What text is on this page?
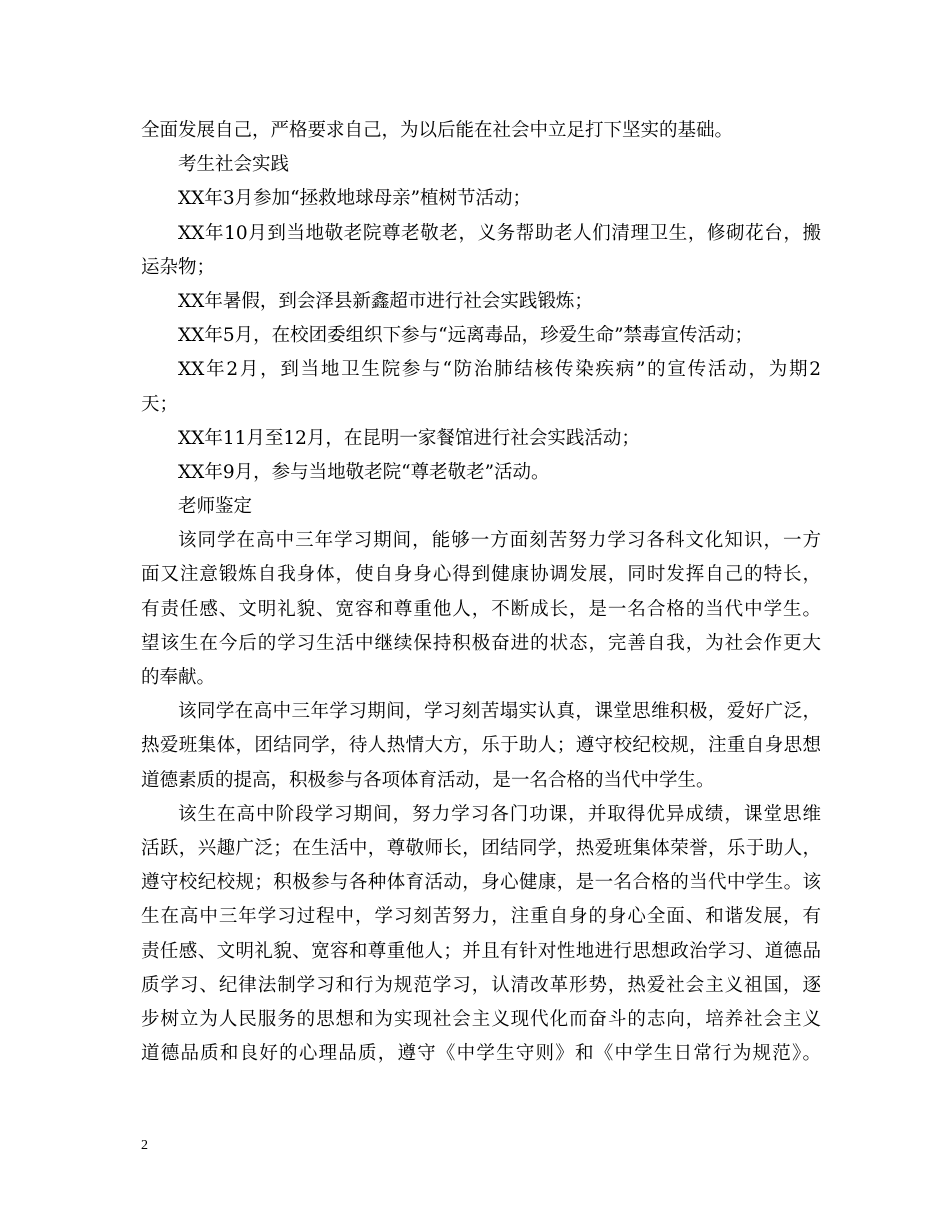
全面发展自己，严格要求自己，为以后能在社会中立足打下坚实的基础。

考生社会实践

XX年3月参加“拯救地球母亲”植树节活动；

XX年10月到当地敬老院尊老敬老，义务帮助老人们清理卫生，修砌花台，搬

运杂物；

XX年暑假，到会泽县新鑫超市进行社会实践锻炼；

XX年5月，在校团委组织下参与“远离毒品，珍爱生命”禁毒宣传活动；

XX年2月，到当地卫生院参与“防治肺结核传染疾病”的宣传活动，为期2

天；

XX年11月至12月，在昆明一家餐馆进行社会实践活动；

XX年9月，参与当地敬老院“尊老敬老”活动。

老师鉴定

该同学在高中三年学习期间，能够一方面刻苦努力学习各科文化知识，一方

面又注意锻炼自我身体，使自身身心得到健康协调发展，同时发挥自己的特长，

有责任感、文明礼貌、宽容和尊重他人，不断成长，是一名合格的当代中学生。

望该生在今后的学习生活中继续保持积极奋进的状态，完善自我，为社会作更大

的奉献。

该同学在高中三年学习期间，学习刻苦塌实认真，课堂思维积极，爱好广泛，

热爱班集体，团结同学，待人热情大方，乐于助人；遵守校纪校规，注重自身思想

道德素质的提高，积极参与各项体育活动，是一名合格的当代中学生。

该生在高中阶段学习期间，努力学习各门功课，并取得优异成绩，课堂思维

活跃，兴趣广泛；在生活中，尊敬师长，团结同学，热爱班集体荣誉，乐于助人，

遵守校纪校规；积极参与各种体育活动，身心健康，是一名合格的当代中学生。该

生在高中三年学习过程中，学习刻苦努力，注重自身的身心全面、和谐发展，有

责任感、文明礼貌、宽容和尊重他人；并且有针对性地进行思想政治学习、道德品

质学习、纪律法制学习和行为规范学习，认清改革形势，热爱社会主义祖国，逐

步树立为人民服务的思想和为实现社会主义现代化而奋斗的志向，培养社会主义

道德品质和良好的心理品质，遵守《中学生守则》和《中学生日常行为规范》。

2
